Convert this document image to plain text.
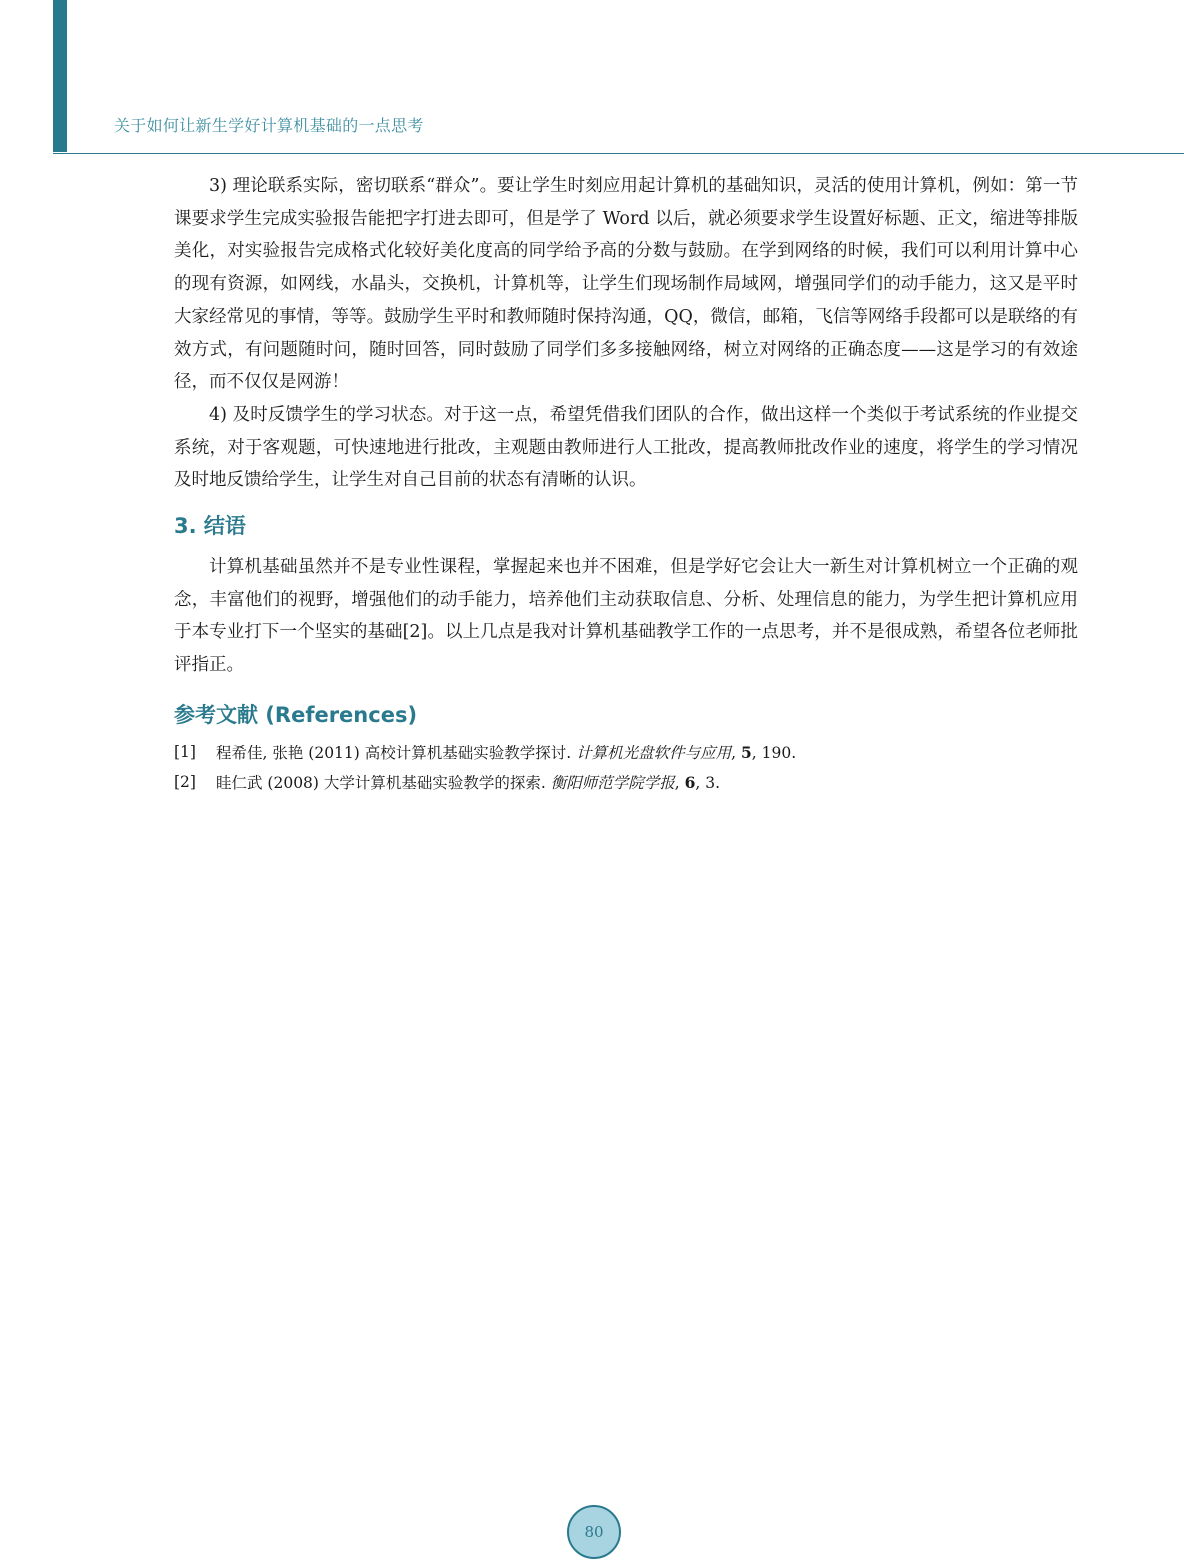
关于如何让新生学好计算机基础的一点思考

3) 理论联系实际，密切联系“群众”。要让学生时刻应用起计算机的基础知识，灵活的使用计算机，例如：第一节课要求学生完成实验报告能把字打进去即可，但是学了 Word 以后，就必须要求学生设置好标题、正文，缩进等排版美化，对实验报告完成格式化较好美化度高的同学给予高的分数与鼓励。在学到网络的时候，我们可以利用计算中心的现有资源，如网线，水晶头，交换机，计算机等，让学生们现场制作局域网，增强同学们的动手能力，这又是平时大家经常见的事情，等等。鼓励学生平时和教师随时保持沟通，QQ，微信，邮箱，飞信等网络手段都可以是联络的有效方式，有问题随时问，随时回答，同时鼓励了同学们多多接触网络，树立对网络的正确态度——这是学习的有效途径，而不仅仅是网游！

4) 及时反馈学生的学习状态。对于这一点，希望凭借我们团队的合作，做出这样一个类似于考试系统的作业提交系统，对于客观题，可快速地进行批改，主观题由教师进行人工批改，提高教师批改作业的速度，将学生的学习情况及时地反馈给学生，让学生对自己目前的状态有清晰的认识。

3. 结语

计算机基础虽然并不是专业性课程，掌握起来也并不困难，但是学好它会让大一新生对计算机树立一个正确的观念，丰富他们的视野，增强他们的动手能力，培养他们主动获取信息、分析、处理信息的能力，为学生把计算机应用于本专业打下一个坚实的基础[2]。以上几点是我对计算机基础教学工作的一点思考，并不是很成熟，希望各位老师批评指正。

参考文献 (References)
[1]	程希佳, 张艳 (2011) 高校计算机基础实验教学探讨. 计算机光盘软件与应用, 5, 190.
[2]	眭仁武 (2008) 大学计算机基础实验教学的探索. 衡阳师范学院学报, 6, 3.
80
